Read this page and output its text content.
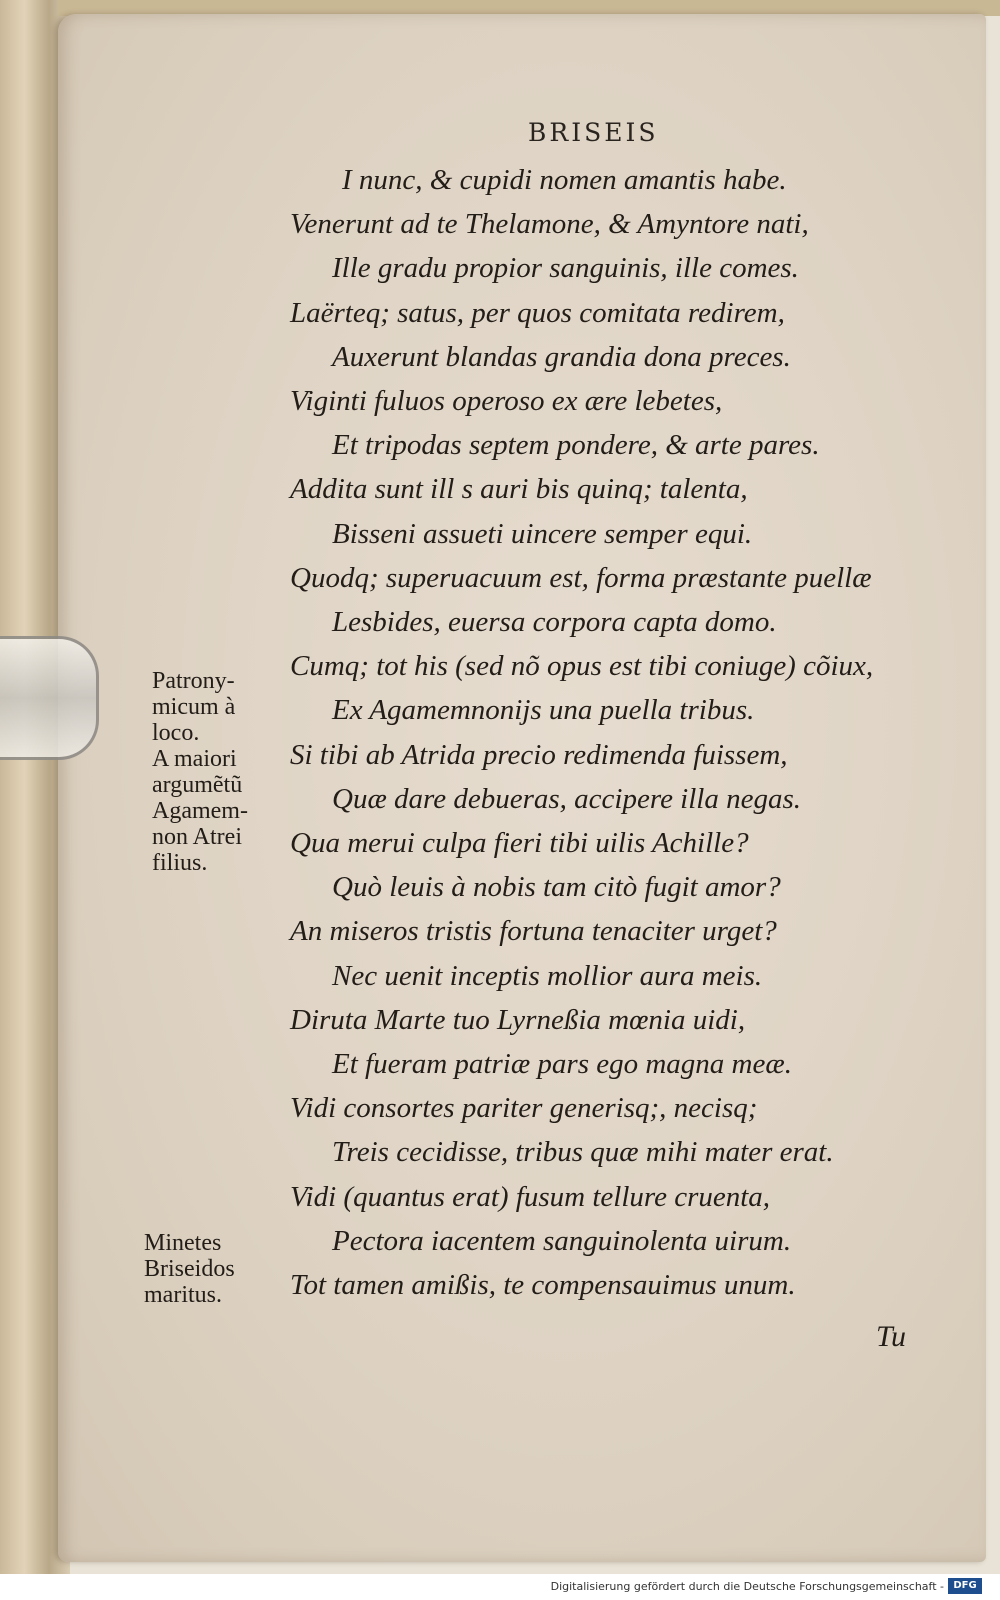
BRISEIS
I nunc, & cupidi nomen amantis habe.
Venerunt ad te Thelamone, & Amyntore nati,
Ille gradu propior sanguinis, ille comes.
Laërteq; satus, per quos comitata redirem,
Auxerunt blandas grandia dona preces.
Viginti fuluos operoso ex ære lebetes,
Et tripodas septem pondere, & arte pares.
Addita sunt ill s auri bis quinq; talenta,
Bisseni assueti uincere semper equi.
Quodq; superuacuum est, forma præstante puellæ
Lesbides, euersa corpora capta domo.
Cumq; tot his (sed nõ opus est tibi coniuge) cõiux,
Ex Agamemnonijs una puella tribus.
Si tibi ab Atrida precio redimenda fuissem,
Quæ dare debueras, accipere illa negas.
Qua merui culpa fieri tibi uilis Achille?
Quò leuis à nobis tam citò fugit amor?
An miseros tristis fortuna tenaciter urget?
Nec uenit inceptis mollior aura meis.
Diruta Marte tuo Lyrneßia mœnia uidi,
Et fueram patriæ pars ego magna meæ.
Vidi consortes pariter generisq;, necisq;
Treis cecidisse, tribus quæ mihi mater erat.
Vidi (quantus erat) fusum tellure cruenta,
Pectora iacentem sanguinolenta uirum.
Tot tamen amißis, te compensauimus unum.
Patrony-
micum à
loco.
A maiori
argumẽtũ
Agamem-
non Atrei
filius.
Minetes
Briseidos
maritus.
Tu
Digitalisierung gefördert durch die Deutsche Forschungsgemeinschaft - DFG
